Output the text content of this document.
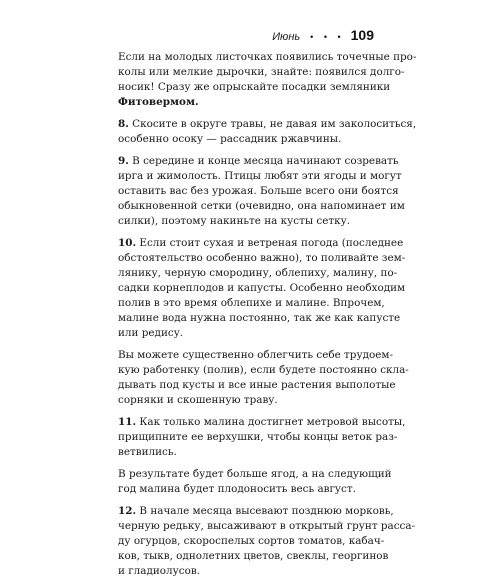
Июнь • • • 109
Если на молодых листочках появились точечные про-
колы или мелкие дырочки, знайте: появился долго-
носик! Сразу же опрыскайте посадки земляники
Фитовермом.
8. Скосите в округе травы, не давая им заколоситься,
особенно осоку — рассадник ржавчины.
9. В середине и конце месяца начинают созревать
ирга и жимолость. Птицы любят эти ягоды и могут
оставить вас без урожая. Больше всего они боятся
обыкновенной сетки (очевидно, она напоминает им
силки), поэтому накиньте на кусты сетку.
10. Если стоит сухая и ветреная погода (последнее
обстоятельство особенно важно), то поливайте зем-
лянику, черную смородину, облепиху, малину, по-
садки корнеплодов и капусты. Особенно необходим
полив в это время облепихе и малине. Впрочем,
малине вода нужна постоянно, так же как капусте
или редису.
Вы можете существенно облегчить себе трудоем-
кую работенку (полив), если будете постоянно скла-
дывать под кусты и все иные растения выполотые
сорняки и скошенную траву.
11. Как только малина достигнет метровой высоты,
прищипните ее верхушки, чтобы концы веток раз-
ветвились.
В результате будет больше ягод, а на следующий
год малина будет плодоносить весь август.
12. В начале месяца высевают позднюю морковь,
черную редьку, высаживают в открытый грунт расса-
ду огурцов, скороспелых сортов томатов, кабач-
ков, тыкв, однолетних цветов, свеклы, георгинов
и гладиолусов.
